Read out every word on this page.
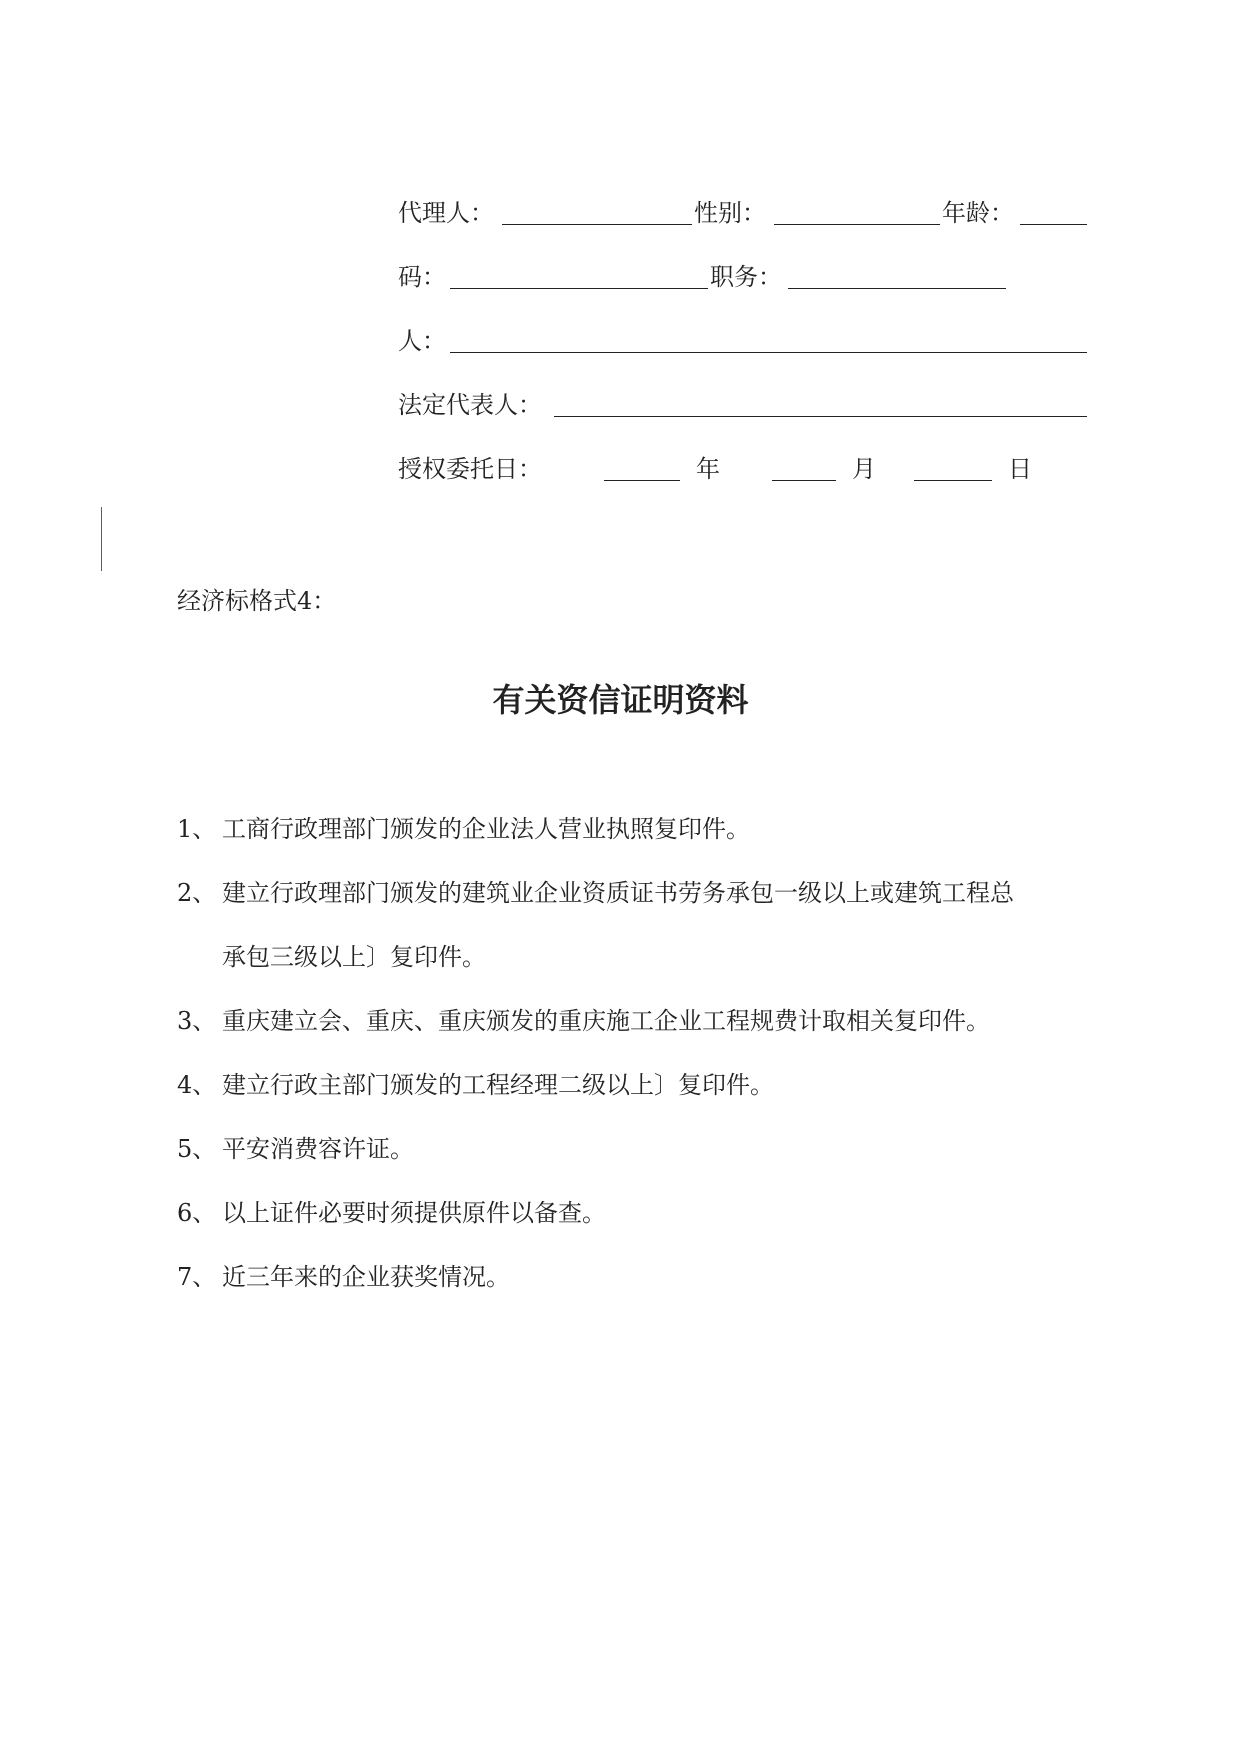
代理人：	性别：	年龄：
码：	职务：
人：
法定代表人：
授权委托日：	年	月	日
经济标格式4：
有关资信证明资料
1、 工商行政理部门颁发的企业法人营业执照复印件。
2、 建立行政理部门颁发的建筑业企业资质证书劳务承包一级以上或建筑工程总
承包三级以上〕复印件。
3、 重庆建立会、重庆、重庆颁发的重庆施工企业工程规费计取相关复印件。
4、 建立行政主部门颁发的工程经理二级以上〕复印件。
5、 平安消费容许证。
6、 以上证件必要时须提供原件以备查。
7、 近三年来的企业获奖情况。
